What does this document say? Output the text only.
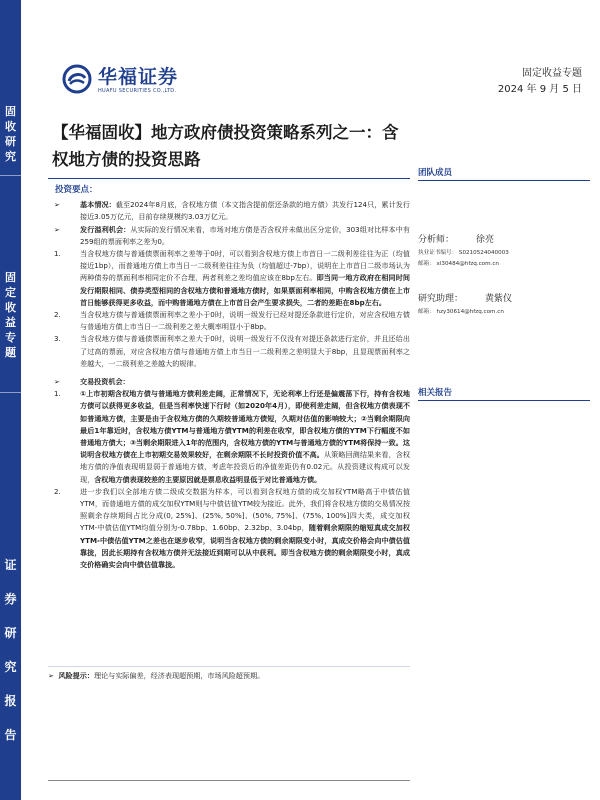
固收研究
固定收益专题
证券研究报告
华福证券
HUAFU SECURITIES CO.,LTD.
固定收益专题
2024 年 9 月 5 日
【华福固收】地方政府债投资策略系列之一：含权地方债的投资思路
投资要点：

➢	基本情况：截至2024年8月底，含权地方债（本文指含提前偿还条款的地方债）共发行124只，累计发行接近3.05万亿元，目前存续规模约3.03万亿元。

➢	发行溢利机会：从实际的发行情况来看，市场对地方债是否含权并未做出区分定价，303组对比样本中有259组的票面利率之差为0。

1.	当含权地方债与普通债票面利率之差等于0时，可以看到含权地方债上市首日一二级利差往往为正（均值接近1bp），而普通地方债上市当日一二级利差往往为负（均值超过-7bp），说明在上市首日二级市场认为两种债券的票面利率相同定价不合理，两者利差之差均值应该在8bp左右。即当同一地方政府在相同时间发行期限相同、债券类型相同的含权地方债和普通地方债时，如果票面利率相同，中购含权地方债在上市首日能够获得更多收益，而中购普通地方债在上市首日会产生要求损失，二者的差距在8bp左右。

2.	当含权地方债与普通债票面利率之差小于0时，说明一级发行已经对提还条款进行定价，对应含权地方债与普通地方债上市当日一二级利差之差大概率明显小于8bp。

3.	当含权地方债与普通债票面利率之差大于0时，说明一级发行不仅没有对提还条款进行定价，并且还给出了过高的票面，对应含权地方债与普通地方债上市当日一二级利差之差明显大于8bp，且显现票面利率之差越大，一二级利差之差越大的规律。

➢	交易投资机会：

1.	①上市初期含权地方债与普通地方债利差走阔，正常情况下，无论利率上行还是偏震荡下行，持有含权地方债可以获得更多收益，但是当利率快速下行时（如2020年4月），即使利差走阔，但含权地方债表现不如普通地方债，主要是由于含权地方债的久期较普通地方债短，久期对估值的影响较大；②当剩余期限向最后1年靠近时，含权地方债YTM与普通地方债YTM的利差在收窄，即含权地方债的YTM下行幅度不如普通地方债大；③当剩余期限进入1年的范围内，含权地方债的YTM与普通地方债的YTM将保持一致。这说明含权地方债在上市初期交易效果较好，在剩余期限不长时投资价值不高。从策略回测结果来看，含权地方债的净值表现明显弱于普通地方债，考虑年投资后的净值差距仍有0.02元。从投资建议构成可以发现，含权地方债表现较差的主要原因就是票息收益明显低于对比普通地方债。

2.	进一步我们以全部地方债二级成交数据为样本，可以看到含权地方债的成交加权YTM略高于中债估值YTM，而普通地方债的成交加权YTM则与中债估值YTM较为接近。此外，我们将含权地方债的交易情况按照剩余存续期间占比分成(0, 25%]、(25%, 50%]、(50%, 75%]、(75%, 100%]四大类，成交加权YTM-中债估值YTM均值分别为-0.78bp、1.60bp、2.32bp、3.04bp，随着剩余期限的缩短真成交加权YTM-中债估值YTM之差也在逐步收窄，说明当含权地方债的剩余期限变小时，真成交价格会向中债估值靠拢，因此长期持有含权地方债并无法接近到期可以从中获利。即当含权地方债的剩余期限变小时，真成交价格确实会向中债估值靠拢。

➢  风险提示：理论与实际偏差，经济表现超预期，市场风险超预期。
团队成员
分析师： 徐亮
执业证书编号： S0210524040003
邮箱： xl30484@hfzq.com.cn
研究助理： 黄紫仪
邮箱： hzy30614@hfzq.com.cn
相关报告
